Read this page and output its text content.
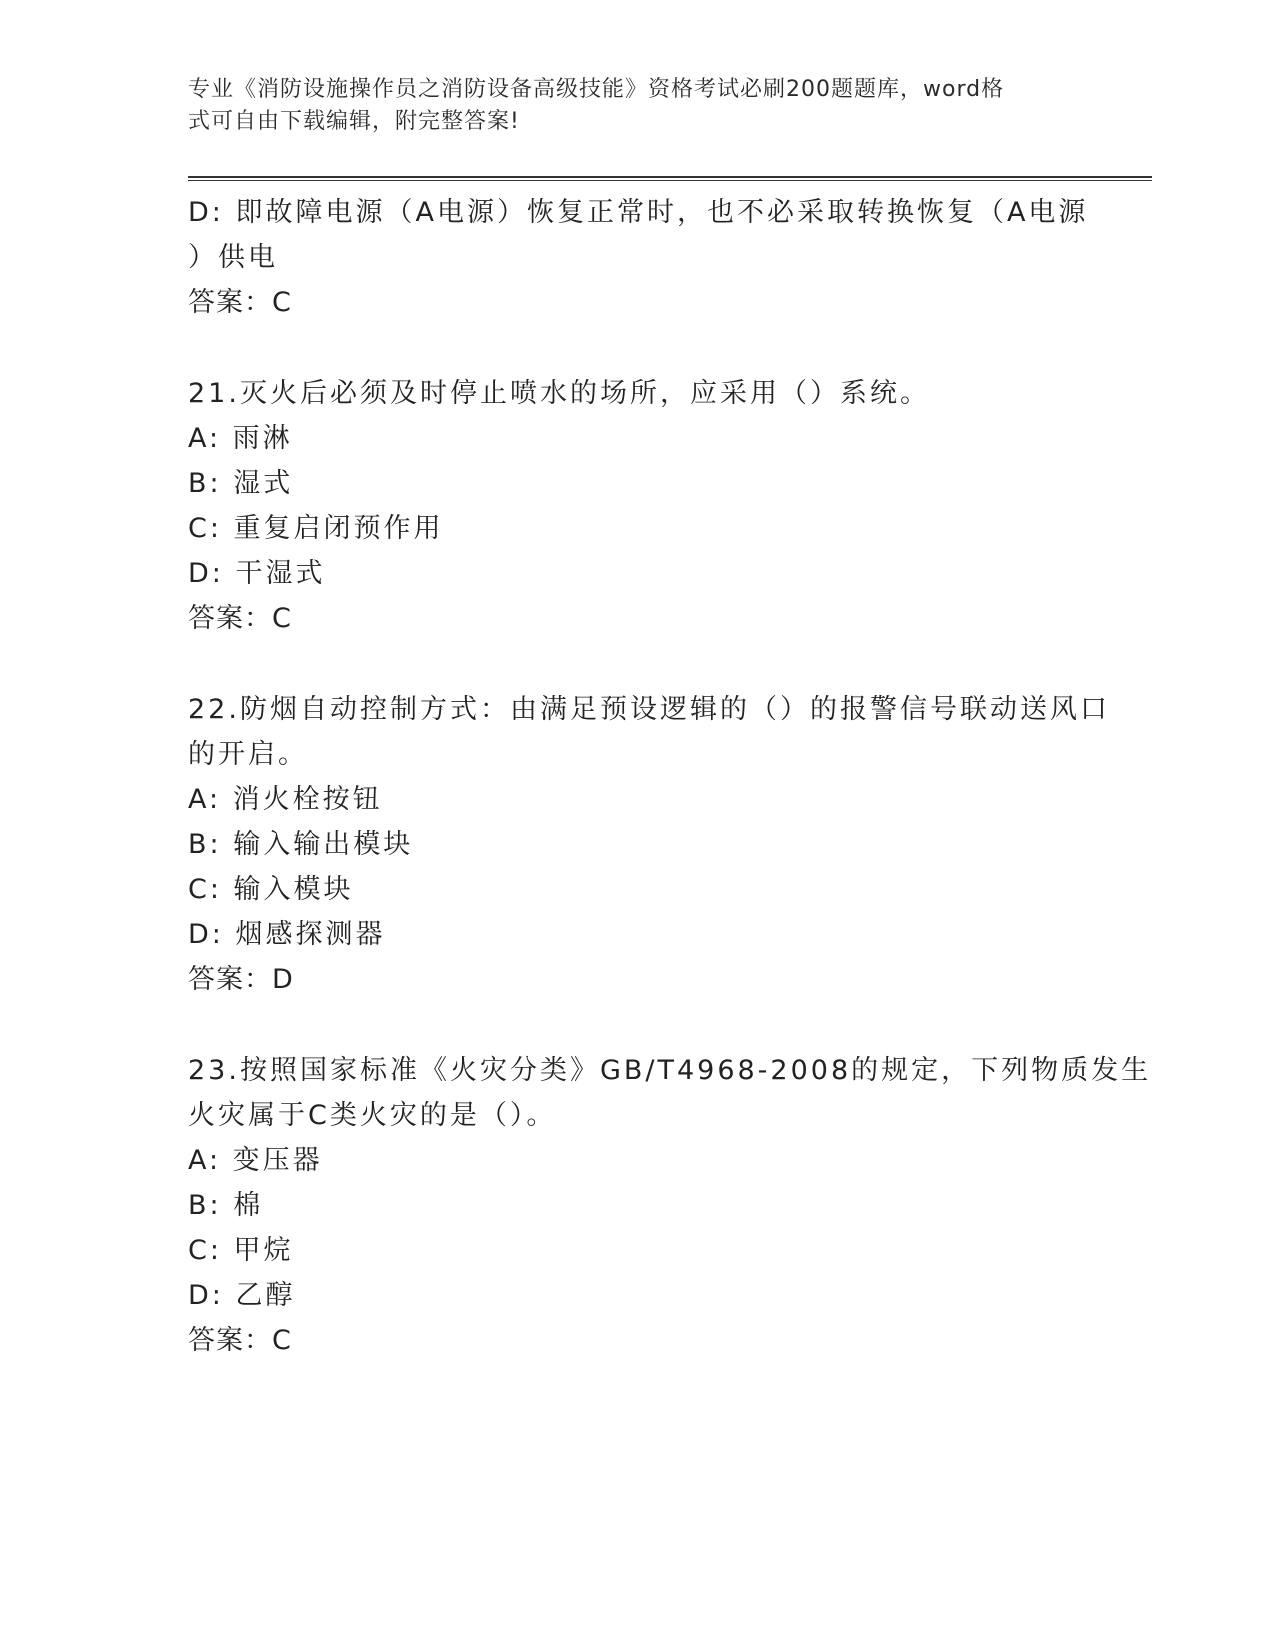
专业《消防设施操作员之消防设备高级技能》资格考试必刷200题题库，word格
式可自由下载编辑，附完整答案!
D: 即故障电源（A电源）恢复正常时，也不必采取转换恢复（A电源
）供电
答案：C
21.灭火后必须及时停止喷水的场所，应采用（）系统。
A: 雨淋
B: 湿式
C: 重复启闭预作用
D: 干湿式
答案：C
22.防烟自动控制方式：由满足预设逻辑的（）的报警信号联动送风口
的开启。
A: 消火栓按钮
B: 输入输出模块
C: 输入模块
D: 烟感探测器
答案：D
23.按照国家标准《火灾分类》GB/T4968-2008的规定，下列物质发生
火灾属于C类火灾的是（）。
A: 变压器
B: 棉
C: 甲烷
D: 乙醇
答案：C
